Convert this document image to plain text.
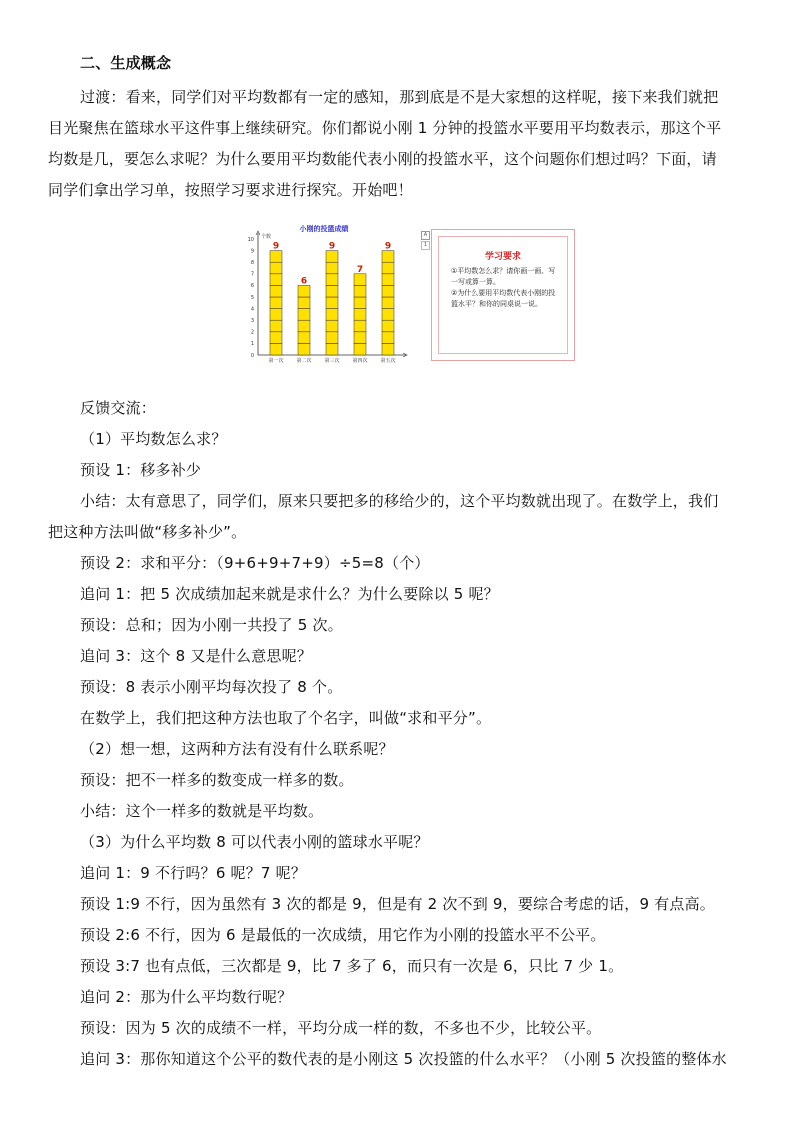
二、生成概念
过渡：看来，同学们对平均数都有一定的感知，那到底是不是大家想的这样呢，接下来我们就把
目光聚焦在篮球水平这件事上继续研究。你们都说小刚 1 分钟的投篮水平要用平均数表示，那这个平
均数是几，要怎么求呢？为什么要用平均数能代表小刚的投篮水平，这个问题你们想过吗？下面，请
同学们拿出学习单，按照学习要求进行探究。开始吧！
小刚的投篮成绩
个数
0
1
2
3
4
5
6
7
8
9
10
9
第一次
6
第二次
9
第三次
7
第四次
9
第五次
A
1
学习要求
①平均数怎么求？请你画一画、写一写或算一算。
②为什么要用平均数代表小刚的投篮水平？和你的同桌说一说。
反馈交流：
（1）平均数怎么求？
预设 1：移多补少
小结：太有意思了，同学们，原来只要把多的移给少的，这个平均数就出现了。在数学上，我们
把这种方法叫做“移多补少”。
预设 2：求和平分：（9+6+9+7+9）÷5=8（个）
追问 1：把 5 次成绩加起来就是求什么？为什么要除以 5 呢？
预设：总和；因为小刚一共投了 5 次。
追问 3：这个 8 又是什么意思呢？
预设：8 表示小刚平均每次投了 8 个。
在数学上，我们把这种方法也取了个名字，叫做“求和平分”。
（2）想一想，这两种方法有没有什么联系呢？
预设：把不一样多的数变成一样多的数。
小结：这个一样多的数就是平均数。
（3）为什么平均数 8 可以代表小刚的篮球水平呢？
追问 1：9 不行吗？6 呢？7 呢？
预设 1:9 不行，因为虽然有 3 次的都是 9，但是有 2 次不到 9，要综合考虑的话，9 有点高。
预设 2:6 不行，因为 6 是最低的一次成绩，用它作为小刚的投篮水平不公平。
预设 3:7 也有点低，三次都是 9，比 7 多了 6，而只有一次是 6，只比 7 少 1。
追问 2：那为什么平均数行呢？
预设：因为 5 次的成绩不一样，平均分成一样的数，不多也不少，比较公平。
追问 3：那你知道这个公平的数代表的是小刚这 5 次投篮的什么水平？（小刚 5 次投篮的整体水
